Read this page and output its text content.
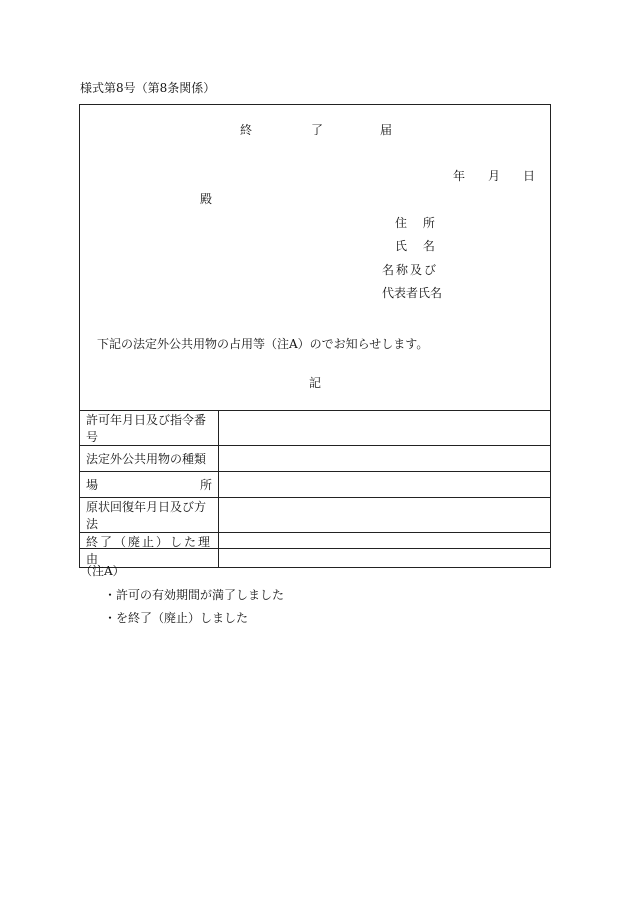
様式第8号（第8条関係）
終	了	届
年 月 日
殿
住 所
氏 名
名称及び
代表者氏名
下記の法定外公共用物の占用等（注A）のでお知らせします。
記
許可年月日及び指令番号	
法定外公共用物の種類	

場 所	

原状回復年月日及び方法	
終了（廃止）した理由	
（注A）
・許可の有効期間が満了しました
・を終了（廃止）しました
